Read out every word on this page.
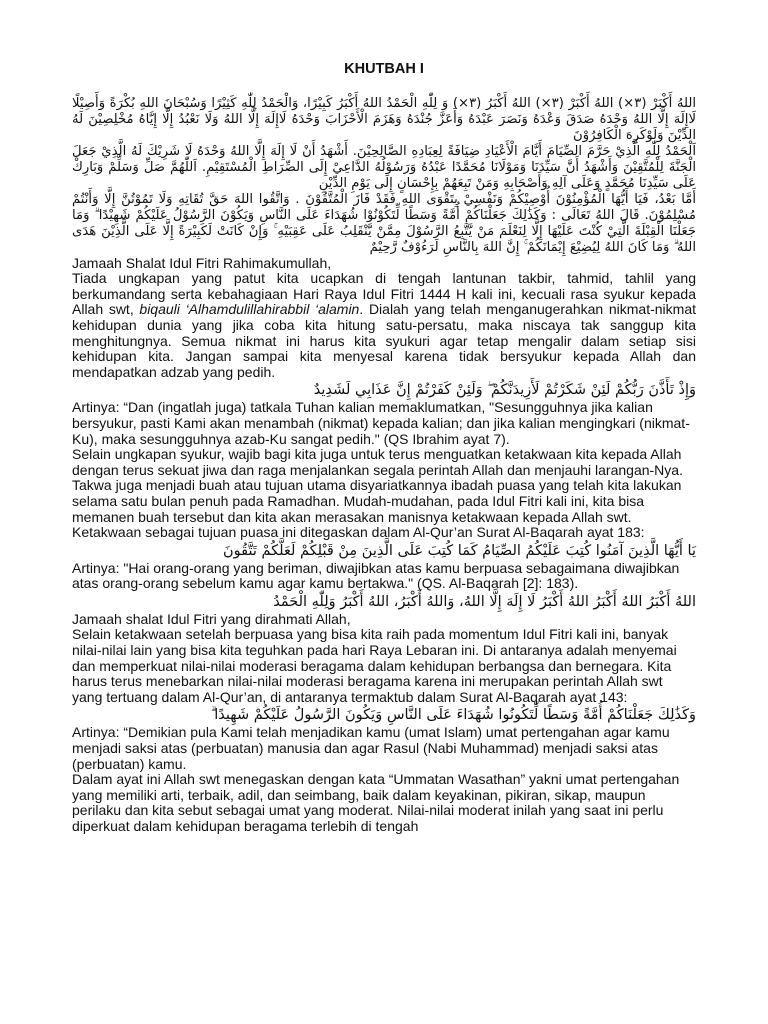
KHUTBAH I
اللهُ أَكْبَرْ (٣×) اللهُ أَكْبَرْ (٣×) اللهُ أَكْبَرُ (٣×) وَ لِلّٰهِ الْحَمْدُ اللهُ أَكْبَرُ كَبِيْرًا، وَالْحَمْدُ لِلّٰهِ كَثِيْرًا وَسُبْحَانَ اللهِ بُكْرَةً وَأَصِيْلًا لَاإِلَهَ إِلَّا اللهُ وَحْدَهُ صَدَقَ وَعْدَهُ وَنَصَرَ عَبْدَهُ وَأَعَزَّ جُنْدَهُ وَهَزَمَ الْأَحْزَابَ وَحْدَهُ لَاإِلَهَ إِلَّا اللهُ وَلَا نَعْبُدُ إِلَّا إِيَّاهُ مُخْلِصِيْنَ لَهُ الدِّيْنَ وَلَوْكَرِهَ الْكَافِرُوْنَ
اَلْحَمْدُ لِلّٰهِ الَّذِيْ حَرَّمَ الصِّيَامَ أَيَّامَ الْأَعْيَادِ ضِيَافَةً لِعِبَادِهِ الصَّالِحِيْنَ. أَشْهَدُ أَنْ لَا إِلَهَ إِلَّا اللهُ وَحْدَهُ لَا شَرِيْكَ لَهُ الَّذِيْ جَعَلَ الْجَنَّةَ لِلْمُتَّقِيْنَ وَأَشْهَدُ أَنَّ سَيِّدَنَا وَمَوْلَانَا مُحَمَّدًا عَبْدُهُ وَرَسُوْلُهُ الدَّاعِيْ إِلَى الصِّرَاطِ الْمُسْتَقِيْمِ. اَللّٰهُمَّ صَلِّ وَسَلِّمْ وَبَارِكْ عَلَى سَيِّدِنَا مُحَمَّدٍ وَعَلَى آلِهِ وَأَصْحَابِهِ وَمَنْ تَبِعَهُمْ بِإِحْسَانٍ إِلَى يَوْمِ الدِّيْنِ
أَمَّا بَعْدُ، فَيَا أَيُّهَا الْمُؤْمِنُوْنَ أُوْصِيْكُمْ وَنَفْسِيْ بِتَقْوَى اللهِ فَقَدْ فَازَ الْمُتَّقُوْنَ . وَاتَّقُوا اللهَ حَقَّ تُقَاتِهِ وَلَا تَمُوْتُنَّ إِلَّا وَأَنْتُمْ مُسْلِمُوْنَ. قَالَ اللهُ تَعَالَى : وَكَذَٰلِكَ جَعَلْنَاكُمْ أُمَّةً وَسَطًا لِّتَكُوْنُوْا شُهَدَاءَ عَلَى النَّاسِ وَيَكُوْنَ الرَّسُوْلُ عَلَيْكُمْ شَهِيْدًا ۗ وَمَا جَعَلْنَا الْقِبْلَةَ الَّتِيْ كُنْتَ عَلَيْهَا إِلَّا لِنَعْلَمَ مَنْ يَّتَّبِعُ الرَّسُوْلَ مِمَّنْ يَّنْقَلِبُ عَلَى عَقِبَيْهِ ۚ وَإِنْ كَانَتْ لَكَبِيْرَةً إِلَّا عَلَى الَّذِيْنَ هَدَى اللهُ ۗ وَمَا كَانَ اللهُ لِيُضِيْعَ إِيْمَانَكُمْ ۚ إِنَّ اللهَ بِالنَّاسِ لَرَءُوْفٌ رَّحِيْمٌ

Jamaah Shalat Idul Fitri Rahimakumullah,

Tiada ungkapan yang patut kita ucapkan di tengah lantunan takbir, tahmid, tahlil yang berkumandang serta kebahagiaan Hari Raya Idul Fitri 1444 H kali ini, kecuali rasa syukur kepada Allah swt, biqauli ‘Alhamdulillahirabbil ‘alamin. Dialah yang telah menganugerahkan nikmat-nikmat kehidupan dunia yang jika coba kita hitung satu-persatu, maka niscaya tak sanggup kita menghitungnya. Semua nikmat ini harus kita syukuri agar tetap mengalir dalam setiap sisi kehidupan kita. Jangan sampai kita menyesal karena tidak bersyukur kepada Allah dan mendapatkan adzab yang pedih.

وَإِذْ تَأَذَّنَ رَبُّكُمْ لَئِنْ شَكَرْتُمْ لَأَزِيدَنَّكُمْ ۖ وَلَئِنْ كَفَرْتُمْ إِنَّ عَذَابِي لَشَدِيدٌ

Artinya: “Dan (ingatlah juga) tatkala Tuhan kalian memaklumatkan, "Sesungguhnya jika kalian bersyukur, pasti Kami akan menambah (nikmat) kepada kalian; dan jika kalian mengingkari (nikmat-Ku), maka sesungguhnya azab-Ku sangat pedih." (QS Ibrahim ayat 7).

Selain ungkapan syukur, wajib bagi kita juga untuk terus menguatkan ketakwaan kita kepada Allah dengan terus sekuat jiwa dan raga menjalankan segala perintah Allah dan menjauhi larangan-Nya. Takwa juga menjadi buah atau tujuan utama disyariatkannya ibadah puasa yang telah kita lakukan selama satu bulan penuh pada Ramadhan. Mudah-mudahan, pada Idul Fitri kali ini, kita bisa memanen buah tersebut dan kita akan merasakan manisnya ketakwaan kepada Allah swt.

Ketakwaan sebagai tujuan puasa ini ditegaskan dalam Al-Qur’an Surat Al-Baqarah ayat 183:

يَا أَيُّهَا الَّذِينَ آمَنُوا كُتِبَ عَلَيْكُمُ الصِّيَامُ كَمَا كُتِبَ عَلَى الَّذِينَ مِنْ قَبْلِكُمْ لَعَلَّكُمْ تَتَّقُونَ

Artinya: "Hai orang-orang yang beriman, diwajibkan atas kamu berpuasa sebagaimana diwajibkan atas orang-orang sebelum kamu agar kamu bertakwa." (QS. Al-Baqarah [2]: 183).

اللهُ أَكْبَرُ اللهُ أَكْبَرُ اللهُ أَكْبَرُ لَا إِلَهَ إِلَّا اللهُ، وَاللهُ أَكْبَرُ، اللهُ أَكْبَرُ وَلِلّٰهِ الْحَمْدُ

Jamaah shalat Idul Fitri yang dirahmati Allah,

Selain ketakwaan setelah berpuasa yang bisa kita raih pada momentum Idul Fitri kali ini, banyak nilai-nilai lain yang bisa kita teguhkan pada hari Raya Lebaran ini. Di antaranya adalah menyemai dan memperkuat nilai-nilai moderasi beragama dalam kehidupan berbangsa dan bernegara. Kita harus terus menebarkan nilai-nilai moderasi beragama karena ini merupakan perintah Allah swt yang tertuang dalam Al-Qur’an, di antaranya termaktub dalam Surat Al-Baqarah ayat 143:

وَكَذَٰلِكَ جَعَلْنَاكُمْ أُمَّةً وَسَطًا لِّتَكُونُوا شُهَدَاءَ عَلَى النَّاسِ وَيَكُونَ الرَّسُولُ عَلَيْكُمْ شَهِيدًا ۗ

Artinya: “Demikian pula Kami telah menjadikan kamu (umat Islam) umat pertengahan agar kamu menjadi saksi atas (perbuatan) manusia dan agar Rasul (Nabi Muhammad) menjadi saksi atas (perbuatan) kamu.

Dalam ayat ini Allah swt menegaskan dengan kata “Ummatan Wasathan” yakni umat pertengahan yang memiliki arti, terbaik, adil, dan seimbang, baik dalam keyakinan, pikiran, sikap, maupun perilaku dan kita sebut sebagai umat yang moderat. Nilai-nilai moderat inilah yang saat ini perlu diperkuat dalam kehidupan beragama terlebih di tengah
